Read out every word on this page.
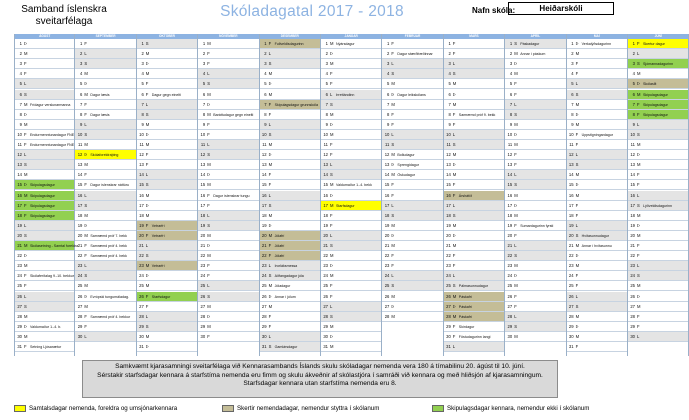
Samband íslenskra
sveitarfélaga
Skóladagatal 2017 - 2018	Nafn skóla:	Heiðarskóli
ÁGÚST
1 Þ
2 M
3 F
4 F
5 L
6 S
7 M Frídagur verslunarmanna
8 Þ
9 M
10 F Endurmenntunardagur FNE
11 F Endurmenntunardagur FNE
12 L
13 S
14 M
15 Þ Skipulagsdagur
16 M Skipulagsdagur
17 F Skipulagsdagur
18 F Skipulagsdagur
19 L
20 S
21 M Skólasetning - Samtal foreldra
22 Þ
23 M
24 F Skólaferðalag 9.-10. bekkur
25 F
26 L
27 S
28 M
29 Þ Valdumaður 1.-4. b.
30 M
31 F Setning Ljósanætur
SEPTEMBER
1 F
2 L
3 S
4 M
5 Þ
6 M Dagur læsis
7 F
8 F Dagur læsis
9 L
10 S
11 M
12 Þ Skólaforeldraþing
13 M
14 F
15 F Dagur íslenskrar náttúru
16 L
17 S
18 M
19 Þ
20 M Samræmd próf 7. bekk
21 F Samræmd próf 4. bekk
22 F Samræmd próf 4. bekk
23 L
24 S
25 M
26 Þ Evrópski tungumáladag.
27 M
28 F Samræmd próf 4. bekkur
29 F
30 L
OKTÓBER
1 S
2 M
3 Þ
4 M
5 F
6 F Dagur gegn einelti
7 L
8 S
9 M
10 Þ
11 M
12 F
13 F
14 L
15 S
16 M
17 Þ
18 M
19 F Vetrarfrí
20 F Vetrarfrí
21 L
22 S
23 M Vetrarfrí
24 Þ
25 M
26 F Starfsdagur
27 F
28 L
29 S
30 M
31 Þ
NÓVEMBER
1 M
2 F
3 F
4 L
5 S
6 M
7 Þ
8 M Baráttudagur gegn einelti
9 F
10 F
11 L
12 S
13 M
14 Þ
15 M
16 F Dagur íslenskrar tungu
17 F
18 L
19 S
20 M
21 Þ
22 M
23 F
24 F
25 L
26 S
27 M
28 Þ
29 M
30 F
DESEMBER
1 F Fullveldisdagurinn
2 L
3 S
4 M
5 Þ
6 M
7 F Skipulagsdagur grunnskóla
8 F
9 L
10 S
11 M
12 Þ
13 M
14 F
15 F
16 L
17 S
18 M
19 Þ
20 M Jólafrí
21 F Jólafrí
22 F Jólafrí
23 L Þorláksmessa
24 S Aðfangadagur jóla
25 M Jóladagur
26 Þ Annar í jólum
27 M
28 F
29 F
30 L
31 S Gamlársdagur
JANÚAR
1 M Nýársdagur
2 Þ
3 M
4 F
5 F
6 L Þrettándinn
7 S
8 M
9 Þ
10 M
11 F
12 F
13 L
14 S
15 M Valdumaður 1.-4. bekk
16 Þ
17 M Starfsdagur
18 F
19 F
20 L
21 S
22 M
23 Þ
24 M
25 F
26 F
27 L
28 S
29 M
30 Þ
31 M
FEBRÚAR
1 F
2 F Dagur stærðfræðinnar
3 L
4 S
5 M
6 Þ Dagur leikskólans
7 M
8 F
9 F
10 L
11 S
12 M Bolludagur
13 Þ Sprengidagur
14 M Öskudagur
15 F
16 F
17 L
18 S
19 M
20 Þ
21 M
22 F
23 F
24 L
25 S
26 M
27 Þ
28 M
MARS
1 F
2 F
3 L
4 S
5 M
6 Þ
7 M
8 F Samræmd próf 9. bekk
9 F
10 L
11 S
12 M
13 Þ
14 M
15 F
16 F Árshátíð
17 L
18 S
19 M
20 Þ
21 M
22 F
23 F
24 L
25 S Pálmasunnudagur
26 M Páskafrí
27 Þ Páskafrí
28 M Páskafrí
29 F Skírdagur
30 F Föstudagurinn langi
31 L
APRÍL
1 S Páskadagur
2 M Annar í páskum
3 Þ
4 M
5 F
6 F
7 L
8 S
9 M
10 Þ
11 M
12 F
13 F
14 L
15 S
16 M
17 Þ
18 M
19 F Sumardagurinn fyrsti
20 F
21 L
22 S
23 M
24 Þ
25 M
26 F
27 F
28 L
29 S
30 M
MAÍ
1 Þ Verkalýðsdagurinn
2 M
3 F
4 F
5 L
6 S
7 M
8 Þ
9 M
10 F Uppstigningardagur
11 F
12 L
13 S
14 M
15 Þ
16 M
17 F
18 F
19 L
20 S Hvítasunnudagur
21 M Annar í hvítasunnu
22 Þ
23 M
24 F
25 F
26 L
27 S
28 M
29 Þ
30 M
31 F
JÚNÍ
1 F Skertur dagur
2 L
3 S Sjómannadagurinn
4 M
5 Þ Skólaslit
6 M Skipulagsdagur
7 F Skipulagsdagur
8 F Skipulagsdagur
9 L
10 S
11 M
12 Þ
13 M
14 F
15 F
16 L
17 S Lýðveldisdagurinn
18 M
19 Þ
20 M
21 F
22 F
23 L
24 S
25 M
26 Þ
27 M
28 F
29 F
30 L
Samkvæmt kjarasamningi sveitarfélaga við Kennarasambands Íslands skulu skóladagar nemenda vera 180 á tímabilinu 20. ágúst til 10. júní.
Sérstakir starfsdagar kennara á starfstíma nemenda eru fimm og skulu ákveðnir af skólastjóra í samráði við kennara og með hliðsjón af kjarasamningum.
Starfsdagar kennara utan starfstíma nemenda eru 8.
Samtalsdagar nemenda, foreldra og umsjónarkennara	Skertir nemendadagar, nemendur styttra í skólanum	Skipulagsdagar kennara, nemendur ekki í skólanum
